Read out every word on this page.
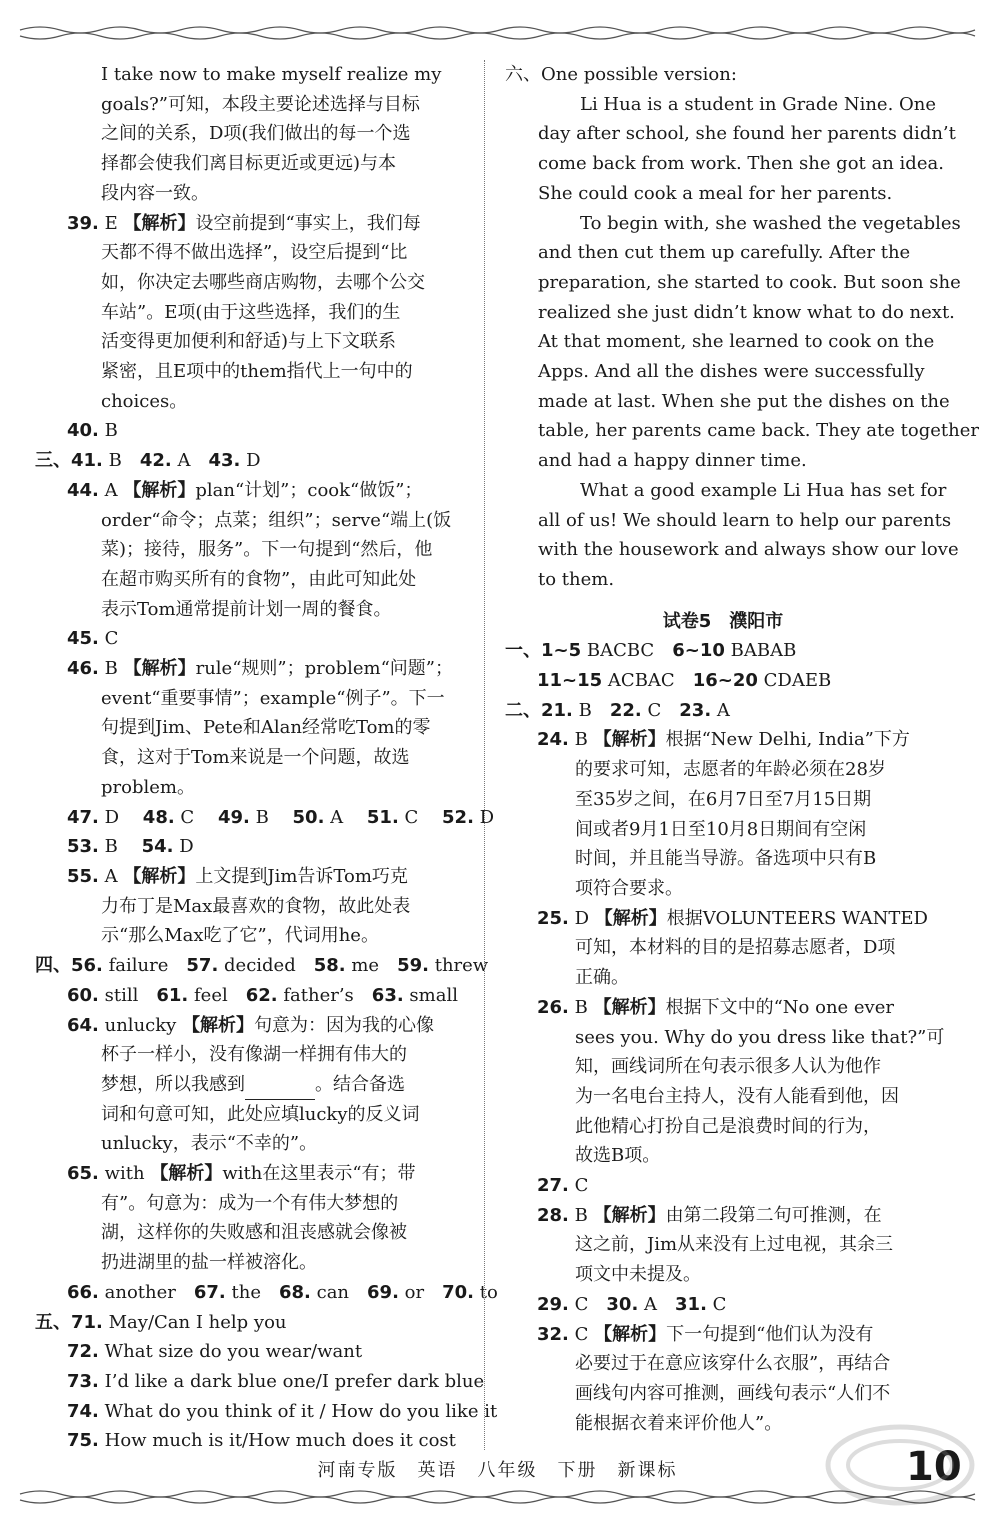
I take now to make myself realize my
goals?”可知，本段主要论述选择与目标
之间的关系，D项(我们做出的每一个选
择都会使我们离目标更近或更远)与本
段内容一致。
39. E 【解析】设空前提到“事实上，我们每
天都不得不做出选择”，设空后提到“比
如，你决定去哪些商店购物，去哪个公交
车站”。E项(由于这些选择，我们的生
活变得更加便利和舒适)与上下文联系
紧密，且E项中的them指代上一句中的
choices。
40. B
三、41. B 42. A 43. D
44. A 【解析】plan“计划”；cook“做饭”；
order“命令；点菜；组织”；serve“端上(饭
菜)；接待，服务”。下一句提到“然后，他
在超市购买所有的食物”，由此可知此处
表示Tom通常提前计划一周的餐食。
45. C
46. B 【解析】rule“规则”；problem“问题”；
event“重要事情”；example“例子”。下一
句提到Jim、Pete和Alan经常吃Tom的零
食，这对于Tom来说是一个问题，故选
problem。
47. D 48. C 49. B 50. A 51. C 52. D
53. B 54. D
55. A 【解析】上文提到Jim告诉Tom巧克
力布丁是Max最喜欢的食物，故此处表
示“那么Max吃了它”，代词用he。
四、56. failure 57. decided 58. me 59. threw
60. still 61. feel 62. father’s 63. small
64. unlucky 【解析】句意为：因为我的心像
杯子一样小，没有像湖一样拥有伟大的
梦想，所以我感到	。结合备选
词和句意可知，此处应填lucky的反义词
unlucky，表示“不幸的”。
65. with 【解析】with在这里表示“有；带
有”。句意为：成为一个有伟大梦想的
湖，这样你的失败感和沮丧感就会像被
扔进湖里的盐一样被溶化。
66. another 67. the 68. can 69. or 70. to
五、71. May/Can I help you
72. What size do you wear/want
73. I’d like a dark blue one/I prefer dark blue
74. What do you think of it / How do you like it
75. How much is it/How much does it cost
六、One possible version:
Li Hua is a student in Grade Nine. One
day after school, she found her parents didn’t
come back from work. Then she got an idea.
She could cook a meal for her parents.
To begin with, she washed the vegetables
and then cut them up carefully. After the
preparation, she started to cook. But soon she
realized she just didn’t know what to do next.
At that moment, she learned to cook on the
Apps. And all the dishes were successfully
made at last. When she put the dishes on the
table, her parents came back. They ate together
and had a happy dinner time.
What a good example Li Hua has set for
all of us! We should learn to help our parents
with the housework and always show our love
to them.
试卷5　濮阳市
一、1~5 BACBC 6~10 BABAB
11~15 ACBAC 16~20 CDAEB
二、21. B 22. C 23. A
24. B 【解析】根据“New Delhi, India”下方
的要求可知，志愿者的年龄必须在28岁
至35岁之间，在6月7日至7月15日期
间或者9月1日至10月8日期间有空闲
时间，并且能当导游。备选项中只有B
项符合要求。
25. D 【解析】根据VOLUNTEERS WANTED
可知，本材料的目的是招募志愿者，D项
正确。
26. B 【解析】根据下文中的“No one ever
sees you. Why do you dress like that?”可
知，画线词所在句表示很多人认为他作
为一名电台主持人，没有人能看到他，因
此他精心打扮自己是浪费时间的行为，
故选B项。
27. C
28. B 【解析】由第二段第二句可推测，在
这之前，Jim从来没有上过电视，其余三
项文中未提及。
29. C 30. A 31. C
32. C 【解析】下一句提到“他们认为没有
必要过于在意应该穿什么衣服”，再结合
画线句内容可推测，画线句表示“人们不
能根据衣着来评价他人”。
河南专版　英语　八年级　下册　新课标	10
